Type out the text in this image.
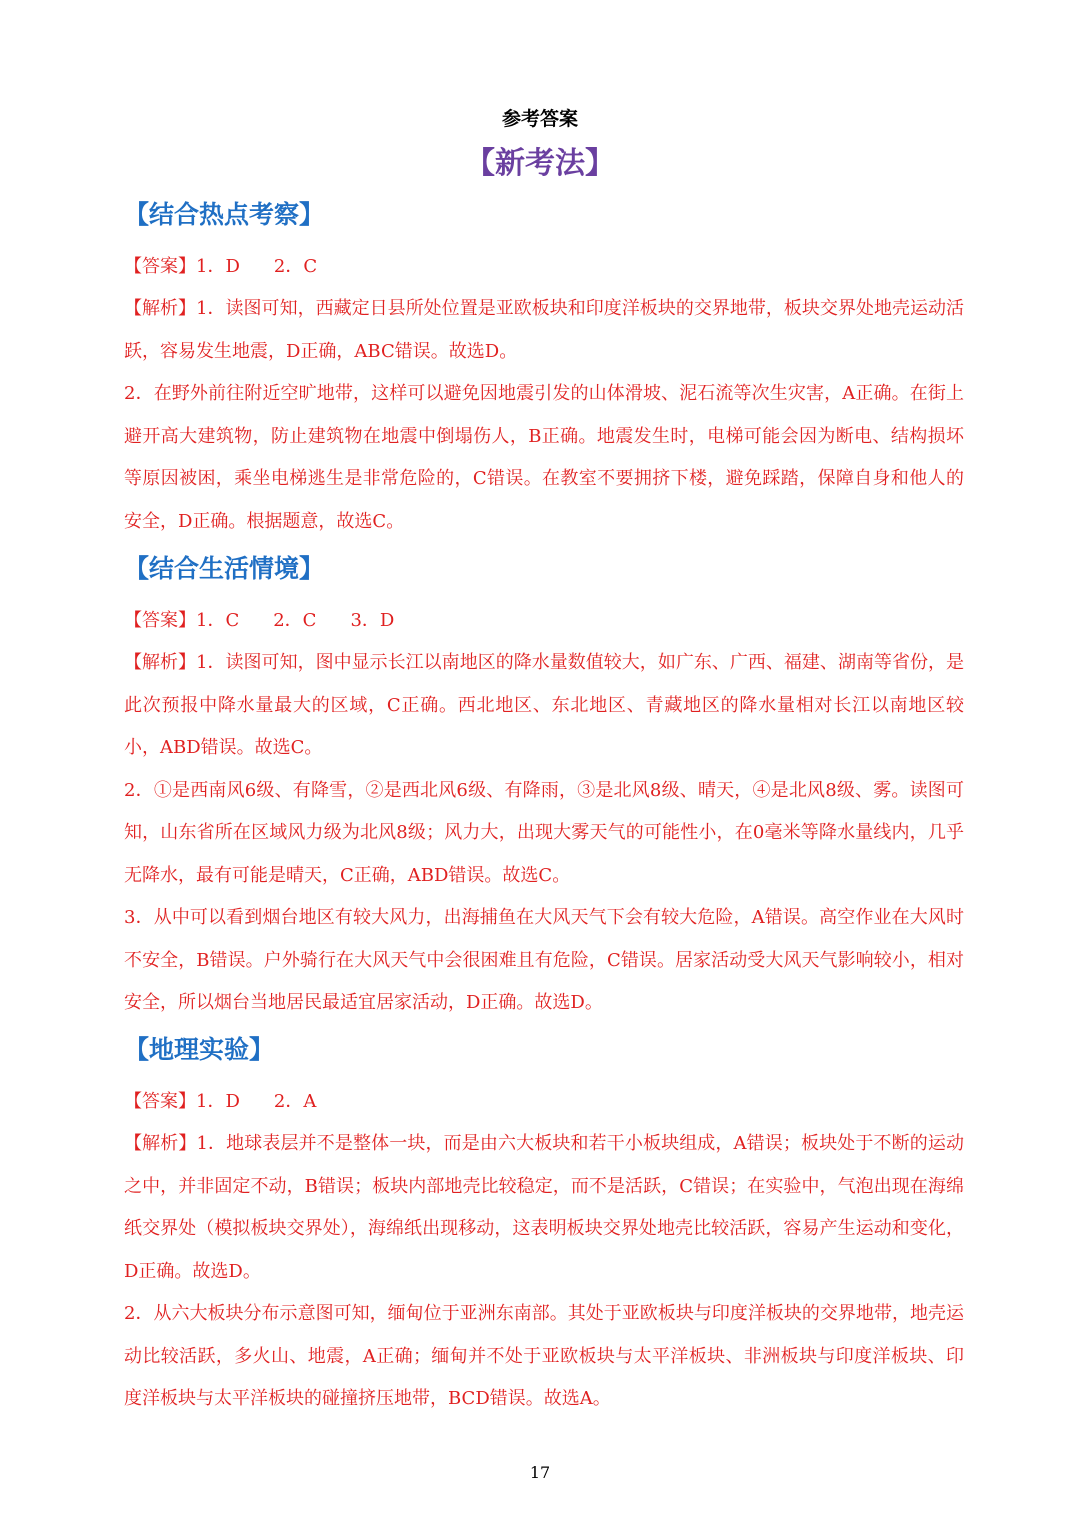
参考答案
【新考法】
【结合热点考察】

【答案】1．D 2．C

【解析】1．读图可知，西藏定日县所处位置是亚欧板块和印度洋板块的交界地带，板块交界处地壳运动活跃，容易发生地震，D正确，ABC错误。故选D。

2．在野外前往附近空旷地带，这样可以避免因地震引发的山体滑坡、泥石流等次生灾害，A正确。在街上避开高大建筑物，防止建筑物在地震中倒塌伤人，B正确。地震发生时，电梯可能会因为断电、结构损坏等原因被困，乘坐电梯逃生是非常危险的，C错误。在教室不要拥挤下楼，避免踩踏，保障自身和他人的安全，D正确。根据题意，故选C。

【结合生活情境】

【答案】1．C 2．C 3．D

【解析】1．读图可知，图中显示长江以南地区的降水量数值较大，如广东、广西、福建、湖南等省份，是此次预报中降水量最大的区域，C正确。西北地区、东北地区、青藏地区的降水量相对长江以南地区较小，ABD错误。故选C。

2．①是西南风6级、有降雪，②是西北风6级、有降雨，③是北风8级、晴天，④是北风8级、雾。读图可知，山东省所在区域风力级为北风8级；风力大，出现大雾天气的可能性小，在0毫米等降水量线内，几乎无降水，最有可能是晴天，C正确，ABD错误。故选C。

3．从中可以看到烟台地区有较大风力，出海捕鱼在大风天气下会有较大危险，A错误。高空作业在大风时不安全，B错误。户外骑行在大风天气中会很困难且有危险，C错误。居家活动受大风天气影响较小，相对安全，所以烟台当地居民最适宜居家活动，D正确。故选D。

【地理实验】

【答案】1．D 2．A

【解析】1．地球表层并不是整体一块，而是由六大板块和若干小板块组成，A错误；板块处于不断的运动之中，并非固定不动，B错误；板块内部地壳比较稳定，而不是活跃，C错误；在实验中，气泡出现在海绵纸交界处（模拟板块交界处），海绵纸出现移动，这表明板块交界处地壳比较活跃，容易产生运动和变化，D正确。故选D。

2．从六大板块分布示意图可知，缅甸位于亚洲东南部。其处于亚欧板块与印度洋板块的交界地带，地壳运动比较活跃，多火山、地震，A正确；缅甸并不处于亚欧板块与太平洋板块、非洲板块与印度洋板块、印度洋板块与太平洋板块的碰撞挤压地带，BCD错误。故选A。

17
